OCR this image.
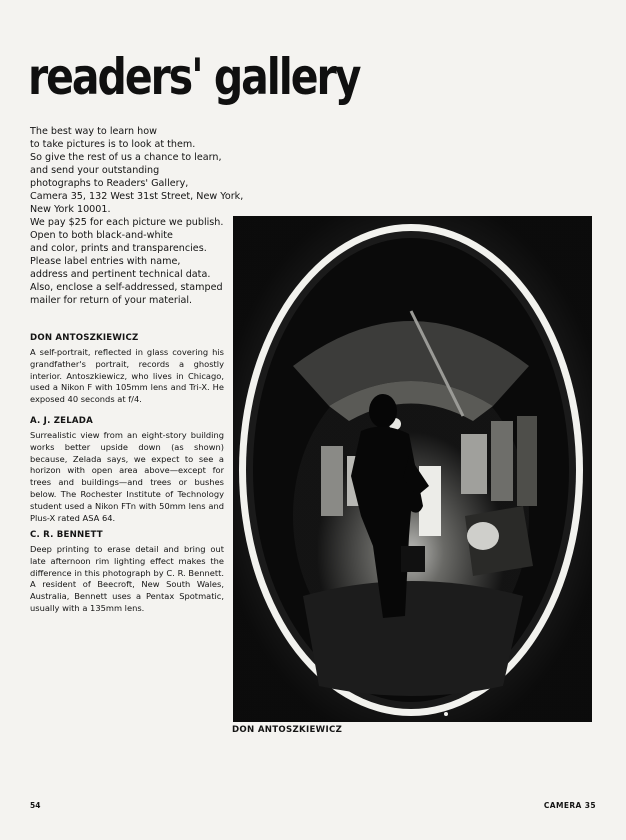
readers' gallery
The best way to learn how
to take pictures is to look at them.
So give the rest of us a chance to learn,
and send your outstanding
photographs to Readers' Gallery,
Camera 35, 132 West 31st Street, New York,
New York 10001.
We pay $25 for each picture we publish.
Open to both black-and-white
and color, prints and transparencies.
Please label entries with name,
address and pertinent technical data.
Also, enclose a self-addressed, stamped
mailer for return of your material.
DON ANTOSZKIEWICZ
A self-portrait, reflected in glass covering his grandfather's portrait, records a ghostly interior. Antoszkiewicz, who lives in Chicago, used a Nikon F with 105mm lens and Tri-X. He exposed 40 seconds at f/4.
A. J. ZELADA
Surrealistic view from an eight-story building works better upside down (as shown) because, Zelada says, we expect to see a horizon with open area above—except for trees and buildings—and trees or bushes below. The Rochester Institute of Technology student used a Nikon FTn with 50mm lens and Plus-X rated ASA 64.
C. R. BENNETT
Deep printing to erase detail and bring out late afternoon rim lighting effect makes the difference in this photograph by C. R. Bennett. A resident of Beecroft, New South Wales, Australia, Bennett uses a Pentax Spotmatic, usually with a 135mm lens.
DON ANTOSZKIEWICZ
54	CAMERA 35
